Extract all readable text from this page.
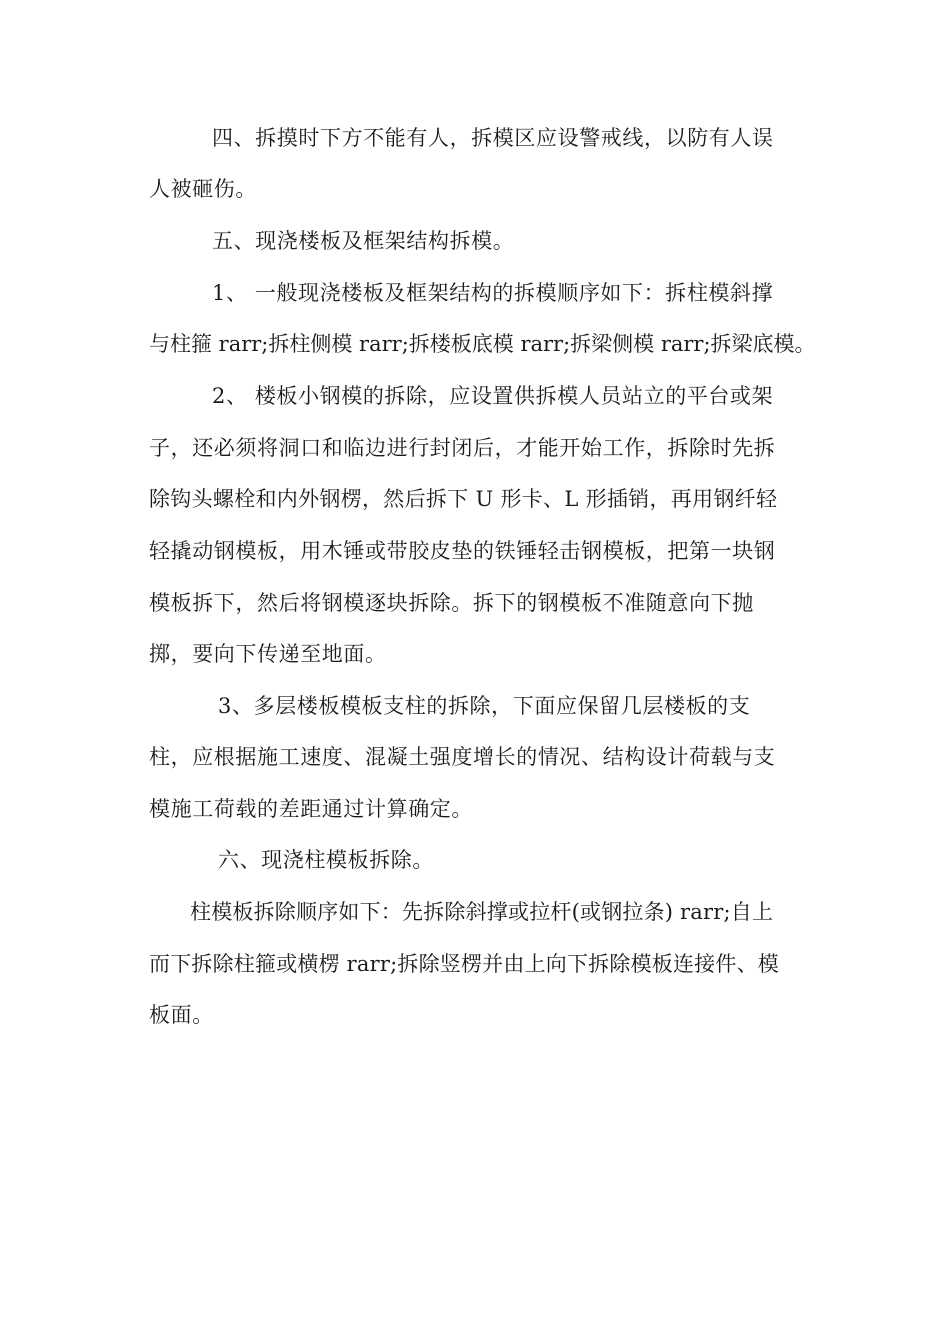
四、拆摸时下方不能有人，拆模区应设警戒线，以防有人误
人被砸伤。
五、现浇楼板及框架结构拆模。
1、 一般现浇楼板及框架结构的拆模顺序如下：拆柱模斜撑
与柱箍 rarr;拆柱侧模 rarr;拆楼板底模 rarr;拆梁侧模 rarr;拆梁底模。
2、 楼板小钢模的拆除，应设置供拆模人员站立的平台或架
子，还必须将洞口和临边进行封闭后，才能开始工作，拆除时先拆
除钩头螺栓和内外钢楞，然后拆下 U 形卡、L 形插销，再用钢纤轻
轻撬动钢模板，用木锤或带胶皮垫的铁锤轻击钢模板，把第一块钢
模板拆下，然后将钢模逐块拆除。拆下的钢模板不准随意向下抛
掷，要向下传递至地面。
3、多层楼板模板支柱的拆除，下面应保留几层楼板的支
柱，应根据施工速度、混凝土强度增长的情况、结构设计荷载与支
模施工荷载的差距通过计算确定。
六、现浇柱模板拆除。
柱模板拆除顺序如下：先拆除斜撑或拉杆(或钢拉条) rarr;自上
而下拆除柱箍或横楞 rarr;拆除竖楞并由上向下拆除模板连接件、模
板面。
